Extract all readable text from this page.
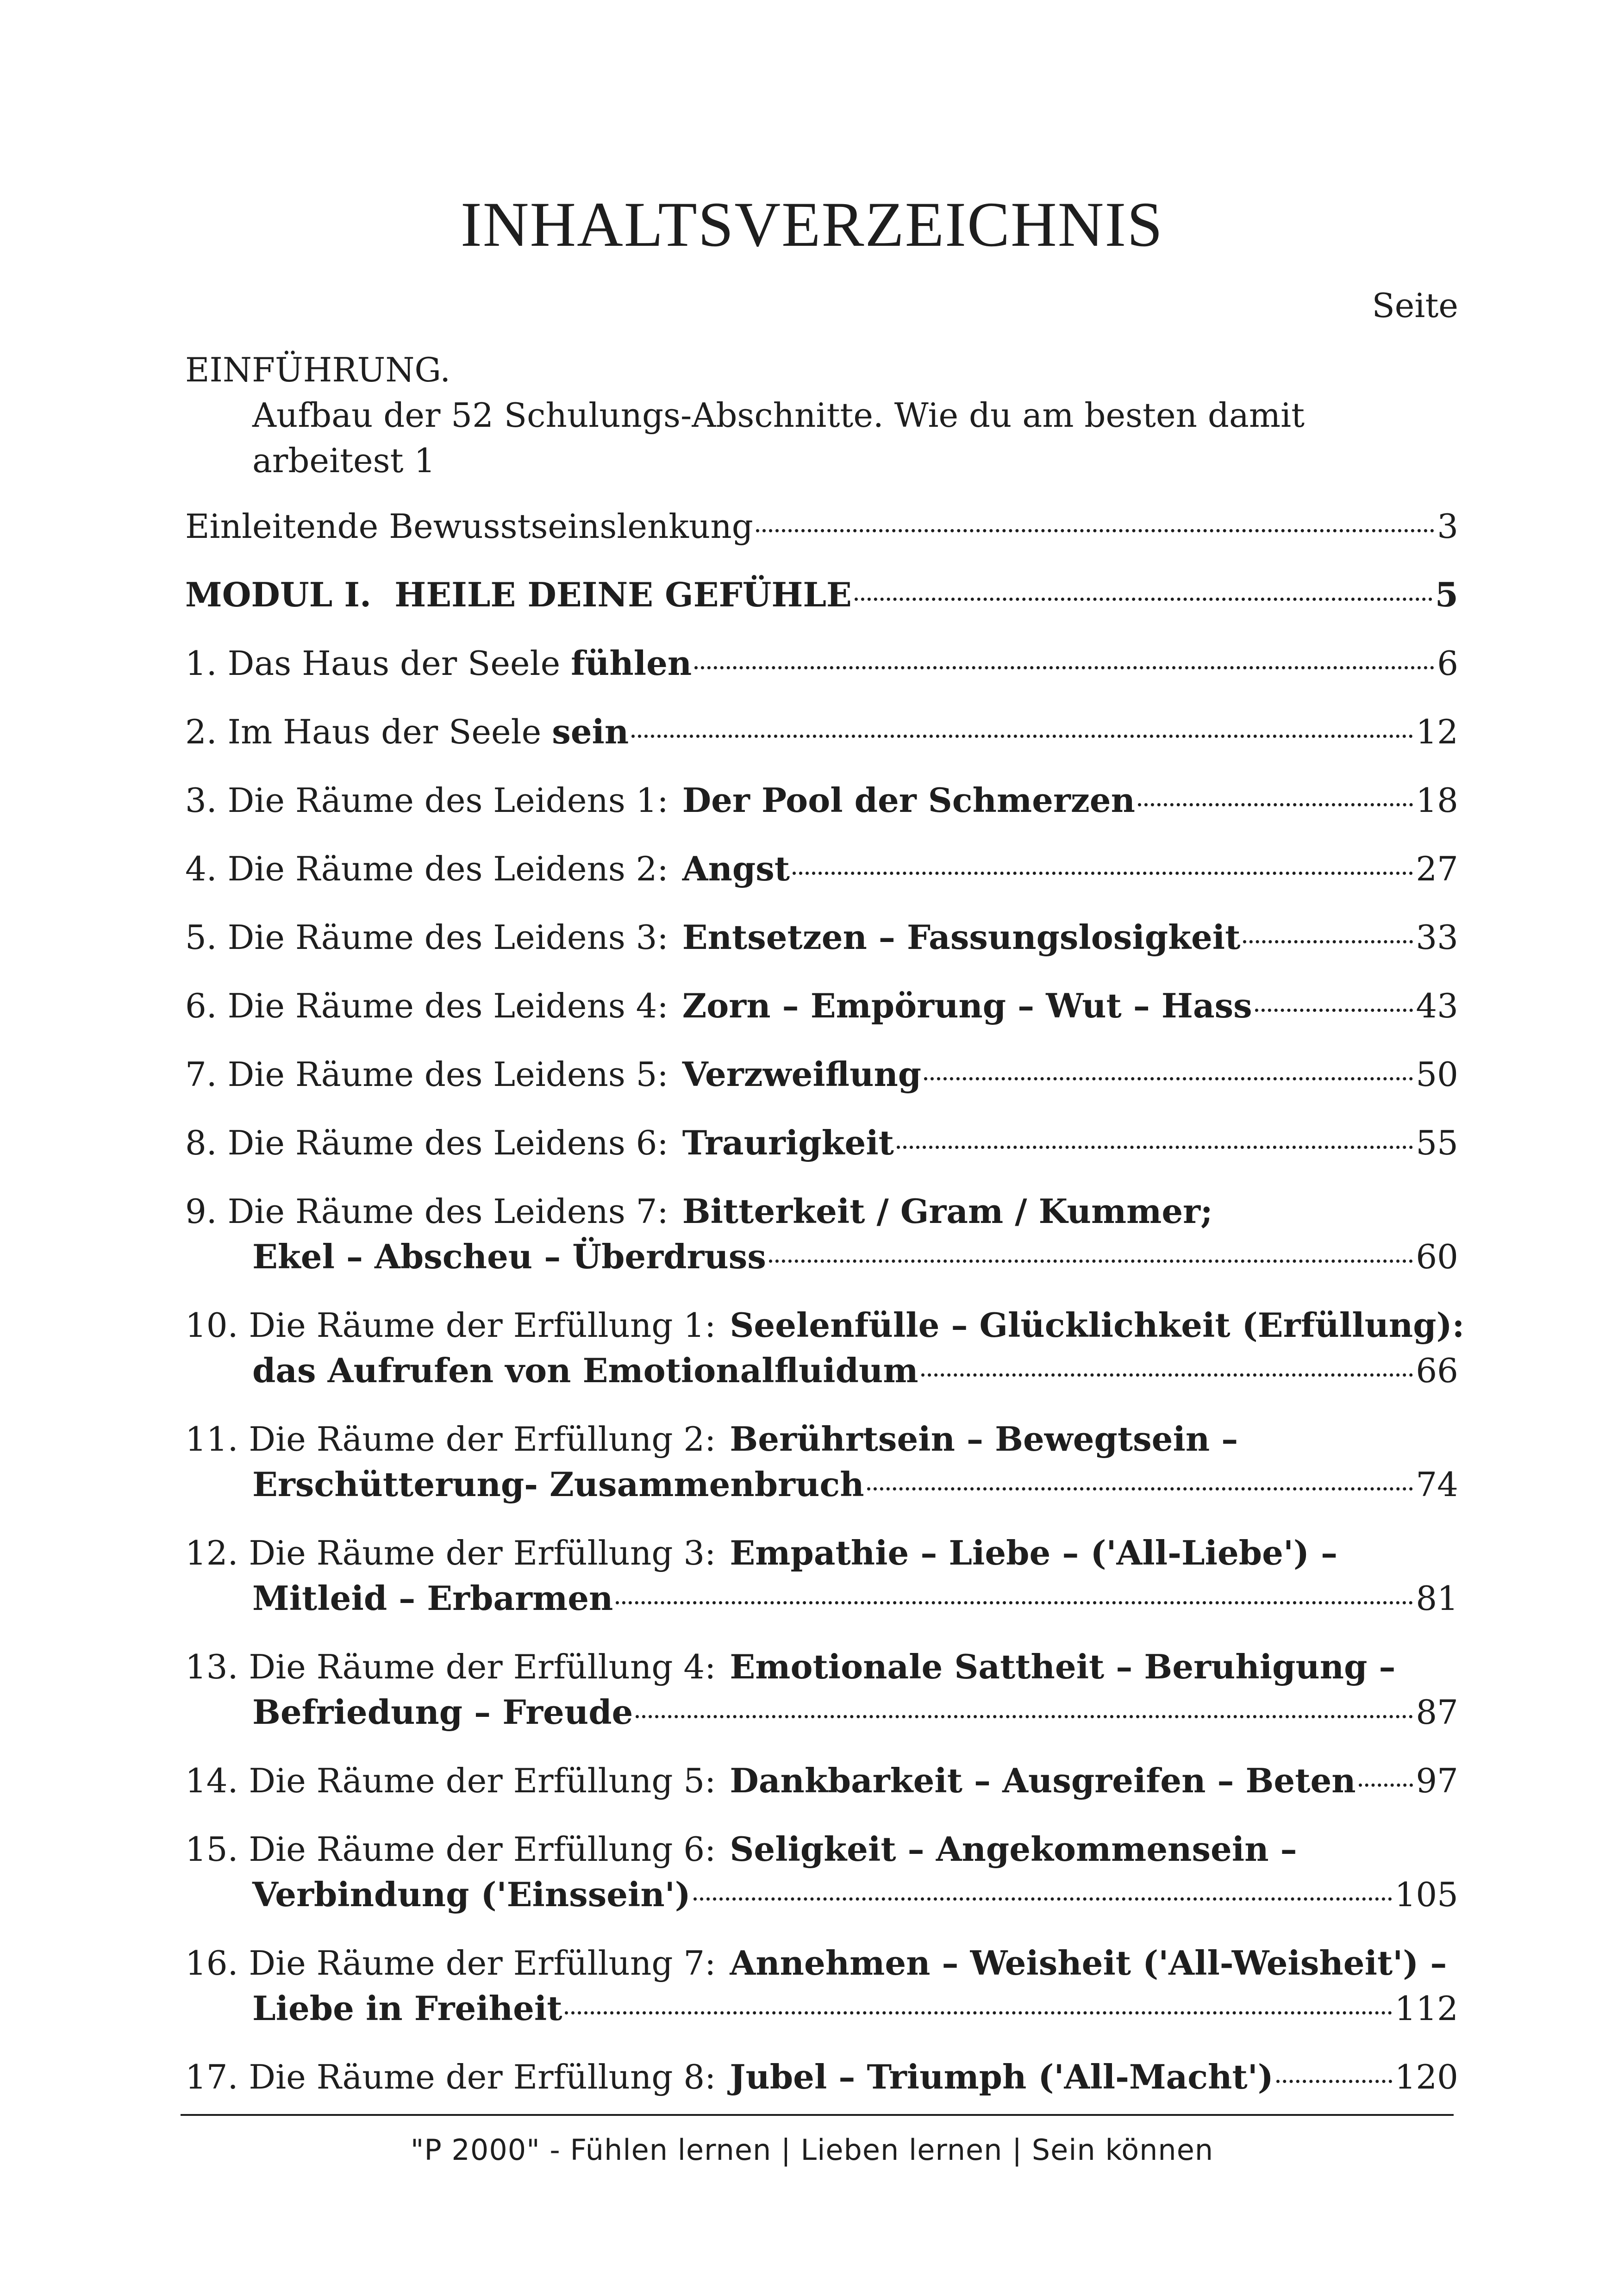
INHALTSVERZEICHNIS
Seite
EINFÜHRUNG.
Aufbau der 52 Schulungs-Abschnitte. Wie du am besten damit arbeitest 1
Einleitende Bewusstseinslenkung	3
MODUL I.  HEILE DEINE GEFÜHLE	5
1. Das Haus der Seele fühlen	6
2. Im Haus der Seele sein	12
3. Die Räume des Leidens 1: Der Pool der Schmerzen	18
4. Die Räume des Leidens 2: Angst	27
5. Die Räume des Leidens 3: Entsetzen – Fassungslosigkeit	33
6. Die Räume des Leidens 4: Zorn – Empörung – Wut – Hass	43
7. Die Räume des Leidens 5: Verzweiflung	50
8. Die Räume des Leidens 6: Traurigkeit	55
9. Die Räume des Leidens 7: Bitterkeit / Gram / Kummer;
Ekel – Abscheu – Überdruss	60
10. Die Räume der Erfüllung 1: Seelenfülle – Glücklichkeit (Erfüllung):
das Aufrufen von Emotionalfluidum	66
11. Die Räume der Erfüllung 2: Berührtsein – Bewegtsein –
Erschütterung- Zusammenbruch	74
12. Die Räume der Erfüllung 3: Empathie – Liebe – ('All-Liebe') –
Mitleid – Erbarmen	81
13. Die Räume der Erfüllung 4: Emotionale Sattheit – Beruhigung –
Befriedung – Freude	87
14. Die Räume der Erfüllung 5: Dankbarkeit – Ausgreifen – Beten 97
15. Die Räume der Erfüllung 6: Seligkeit – Angekommensein –
Verbindung ('Einssein')	105
16. Die Räume der Erfüllung 7: Annehmen – Weisheit ('All-Weisheit') –
Liebe in Freiheit	112
17. Die Räume der Erfüllung 8: Jubel – Triumph ('All-Macht')	120
"P 2000" - Fühlen lernen | Lieben lernen | Sein können
